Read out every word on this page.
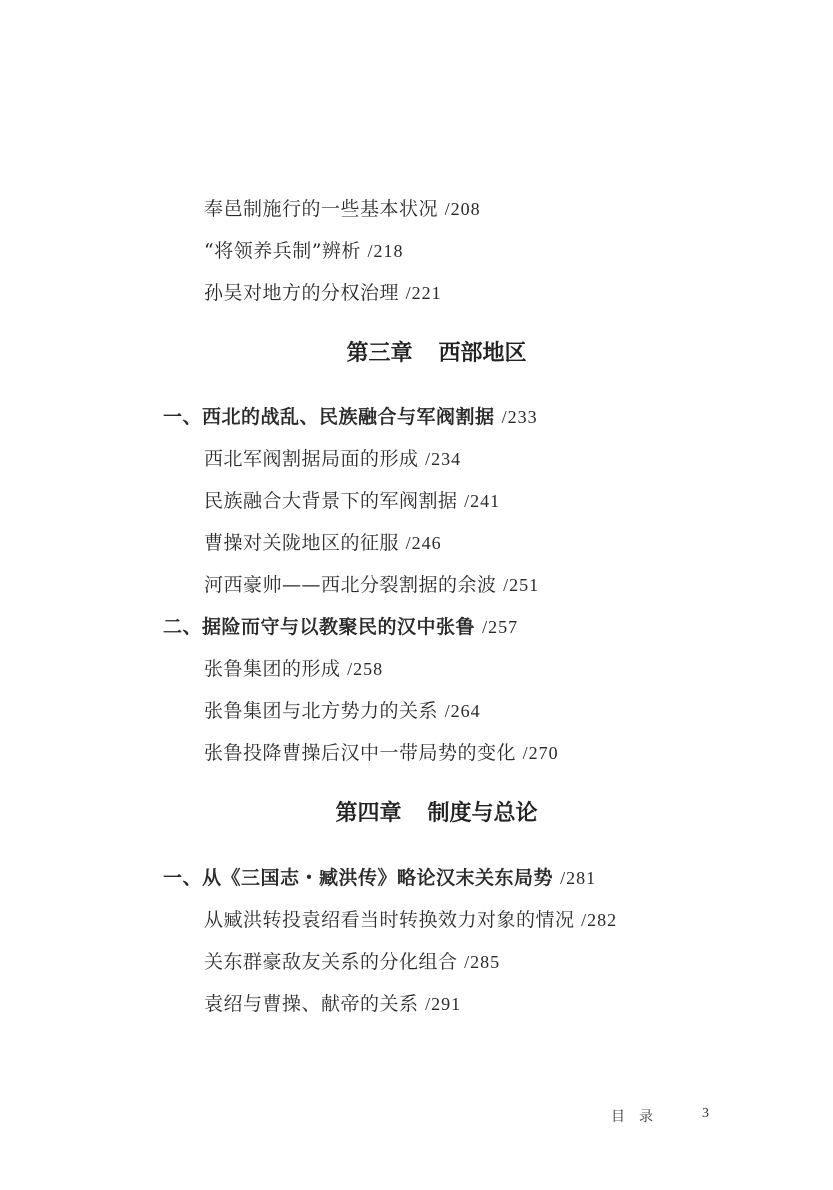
奉邑制施行的一些基本状况 /208
“将领养兵制”辨析 /218
孙吴对地方的分权治理 /221
第三章 西部地区
一、西北的战乱、民族融合与军阀割据 /233
西北军阀割据局面的形成 /234
民族融合大背景下的军阀割据 /241
曹操对关陇地区的征服 /246
河西豪帅——西北分裂割据的余波 /251
二、据险而守与以教聚民的汉中张鲁 /257
张鲁集团的形成 /258
张鲁集团与北方势力的关系 /264
张鲁投降曹操后汉中一带局势的变化 /270
第四章 制度与总论
一、从《三国志・臧洪传》略论汉末关东局势 /281
从臧洪转投袁绍看当时转换效力对象的情况 /282
关东群豪敌友关系的分化组合 /285
袁绍与曹操、献帝的关系 /291
目录	3
